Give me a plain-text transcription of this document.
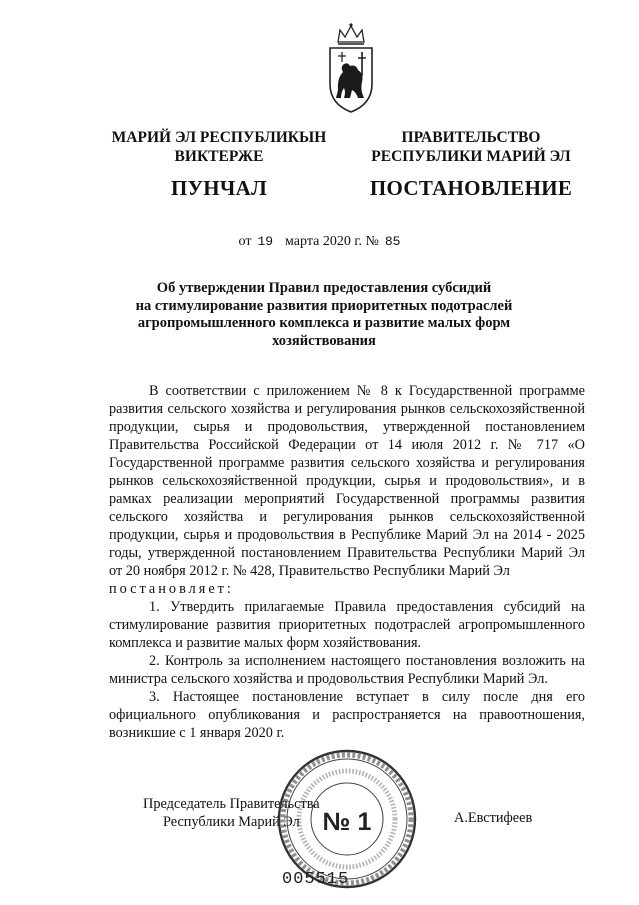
МАРИЙ ЭЛ РЕСПУБЛИКЫН
ВИКТЕРЖЕ
ПУНЧАЛ
ПРАВИТЕЛЬСТВО
РЕСПУБЛИКИ МАРИЙ ЭЛ
ПОСТАНОВЛЕНИЕ
от 19 марта 2020 г. № 85
Об утверждении Правил предоставления субсидий
на стимулирование развития приоритетных подотраслей
агропромышленного комплекса и развитие малых форм
хозяйствования

В соответствии с приложением № 8 к Государственной программе развития сельского хозяйства и регулирования рынков сельскохозяйственной продукции, сырья и продовольствия, утвержденной постановлением Правительства Российской Федерации от 14 июля 2012 г. № 717 «О Государственной программе развития сельского хозяйства и регулирования рынков сельскохозяйственной продукции, сырья и продовольствия», и в рамках реализации мероприятий Государственной программы развития сельского хозяйства и регулирования рынков сельскохозяйственной продукции, сырья и продовольствия в Республике Марий Эл на 2014 - 2025 годы, утвержденной постановлением Правительства Республики Марий Эл от 20 ноября 2012 г. № 428, Правительство Республики Марий Эл

постановляет:

1. Утвердить прилагаемые Правила предоставления субсидий на стимулирование развития приоритетных подотраслей агропромышленного комплекса и развитие малых форм хозяйствования.

2. Контроль за исполнением настоящего постановления возложить на министра сельского хозяйства и продовольствия Республики Марий Эл.

3. Настоящее постановление вступает в силу после дня его официального опубликования и распространяется на правоотношения, возникшие с 1 января 2020 г.

Председатель Правительства
Республики Марий Эл	А.Евстифеев
№ 1
005515
